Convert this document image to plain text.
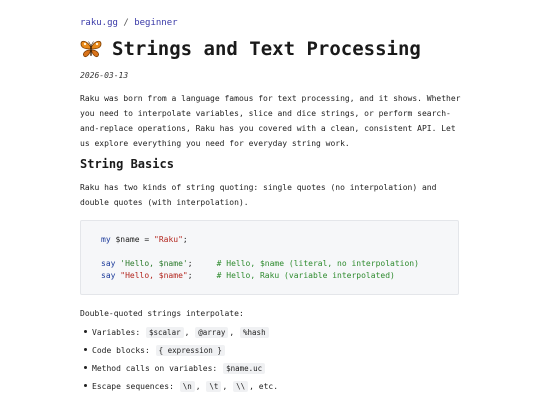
raku.gg / beginner
Strings and Text Processing
2026-03-13
Raku was born from a language famous for text processing, and it shows. Whether you need to interpolate variables, slice and dice strings, or perform search-and-replace operations, Raku has you covered with a clean, consistent API. Let us explore everything you need for everyday string work.
String Basics
Raku has two kinds of string quoting: single quotes (no interpolation) and double quotes (with interpolation).
my $name = "Raku";
say 'Hello, $name';	# Hello, $name (literal, no interpolation)
say "Hello, $name";	# Hello, Raku (variable interpolated)
Double-quoted strings interpolate:
Variables: $scalar , @array , %hash
Code blocks: { expression }
Method calls on variables: $name.uc
Escape sequences: \n , \t , \\ , etc.
